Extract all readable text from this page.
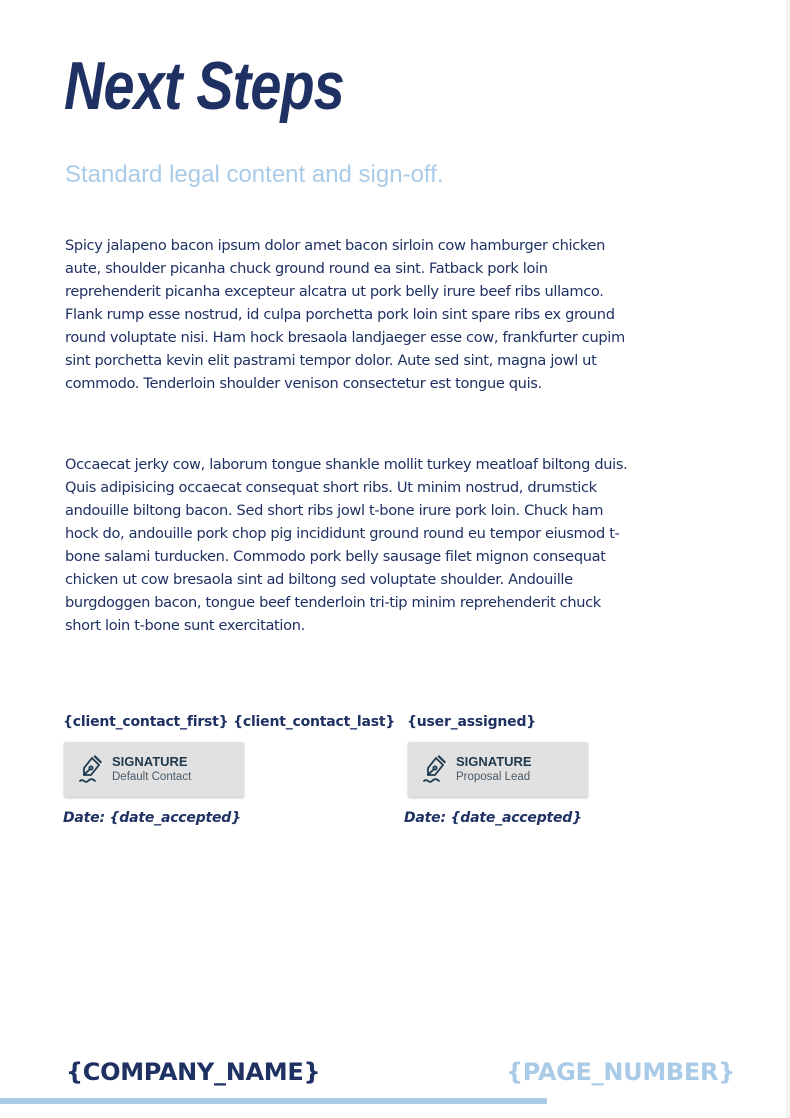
Next Steps

Standard legal content and sign-off.

Spicy jalapeno bacon ipsum dolor amet bacon sirloin cow hamburger chicken aute, shoulder picanha chuck ground round ea sint. Fatback pork loin reprehenderit picanha excepteur alcatra ut pork belly irure beef ribs ullamco. Flank rump esse nostrud, id culpa porchetta pork loin sint spare ribs ex ground round voluptate nisi. Ham hock bresaola landjaeger esse cow, frankfurter cupim sint porchetta kevin elit pastrami tempor dolor. Aute sed sint, magna jowl ut commodo. Tenderloin shoulder venison consectetur est tongue quis.

Occaecat jerky cow, laborum tongue shankle mollit turkey meatloaf biltong duis. Quis adipisicing occaecat consequat short ribs. Ut minim nostrud, drumstick andouille biltong bacon. Sed short ribs jowl t-bone irure pork loin. Chuck ham hock do, andouille pork chop pig incididunt ground round eu tempor eiusmod t-bone salami turducken. Commodo pork belly sausage filet mignon consequat chicken ut cow bresaola sint ad biltong sed voluptate shoulder. Andouille burgdoggen bacon, tongue beef tenderloin tri-tip minim reprehenderit chuck short loin t-bone sunt exercitation.

{client_contact_first} {client_contact_last}
SIGNATURE
Default Contact
Date: {date_accepted}
{user_assigned}
SIGNATURE
Proposal Lead
Date: {date_accepted}
{COMPANY_NAME}	{PAGE_NUMBER}
